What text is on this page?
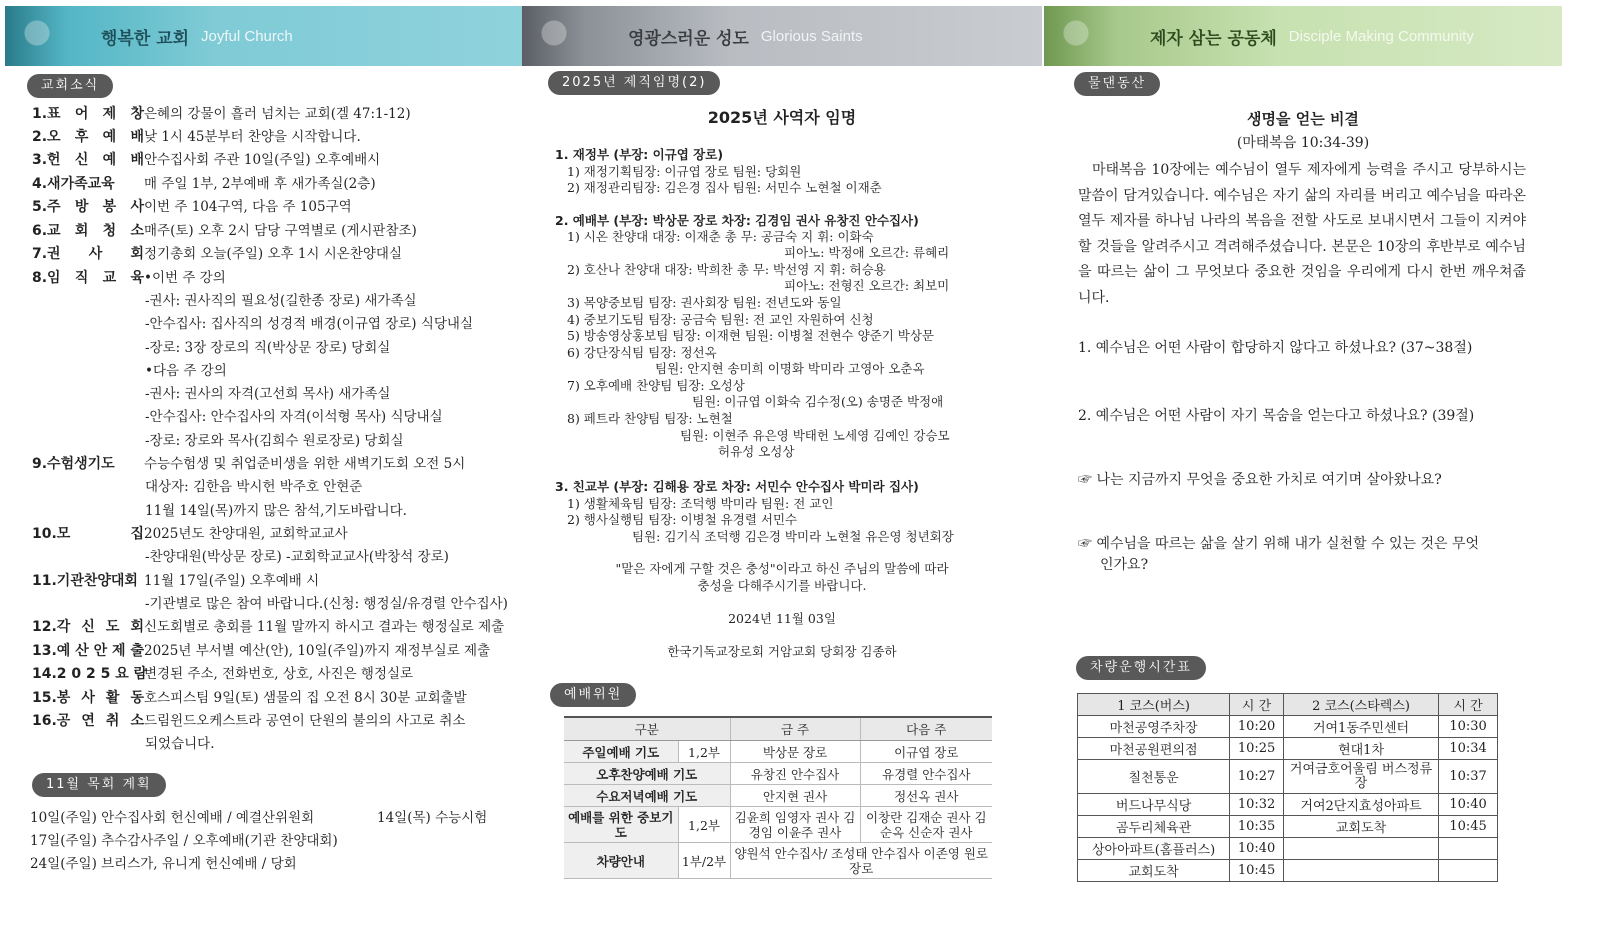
행복한 교회 Joyful Church
교회소식
1.표 어 제 창은혜의 강물이 흘러 넘치는 교회(겔 47:1-12)
2.오 후 예 배낮 1시 45분부터 찬양을 시작합니다.
3.헌 신 예 배안수집사회 주관 10일(주일) 오후예배시
4.새가족교육 매 주일 1부, 2부예배 후 새가족실(2층)
5.주 방 봉 사이번 주 104구역, 다음 주 105구역
6.교 회 청 소매주(토) 오후 2시 담당 구역별로 (게시판참조)
7.권 사 회정기총회 오늘(주일) 오후 1시 시온찬양대실
8.임 직 교 육•이번 주 강의
-권사: 권사직의 필요성(길한종 장로) 새가족실
-안수집사: 집사직의 성경적 배경(이규엽 장로) 식당내실
-장로: 3장 장로의 직(박상문 장로) 당회실
•다음 주 강의
-권사: 권사의 자격(고선희 목사) 새가족실
-안수집사: 안수집사의 자격(이석형 목사) 식당내실
-장로: 장로와 목사(김희수 원로장로) 당회실
9.수험생기도 수능수험생 및 취업준비생을 위한 새벽기도회 오전 5시
대상자: 김한음 박시헌 박주호 안현준
11월 14일(목)까지 많은 참석,기도바랍니다.
10.모 집2025년도 찬양대원, 교회학교교사
-찬양대원(박상문 장로) -교회학교교사(박창석 장로)
11.기관찬양대회 11월 17일(주일) 오후예배 시
-기관별로 많은 참여 바랍니다.(신청: 행정실/유경렬 안수집사)
12.각 신 도 회신도회별로 총회를 11월 말까지 하시고 결과는 행정실로 제출
13.예 산 안 제 출2025년 부서별 예산(안), 10일(주일)까지 재정부실로 제출
14.2 0 2 5 요 람변경된 주소, 전화번호, 상호, 사진은 행정실로
15.봉 사 활 동호스피스팀 9일(토) 샘물의 집 오전 8시 30분 교회출발
16.공 연 취 소드림윈드오케스트라 공연이 단원의 불의의 사고로 취소
되었습니다.
11월 목회 계획
10일(주일) 안수집사회 헌신예배 / 예결산위원회	14일(목) 수능시험
17일(주일) 추수감사주일 / 오후예배(기관 찬양대회)
24일(주일) 브리스가, 유니게 헌신예배 / 당회
영광스러운 성도 Glorious Saints
2025년 제직임명(2)
2025년 사역자 임명
1. 재정부 (부장: 이규엽 장로)
1) 재정기획팀장: 이규엽 장로 팀원: 당회원
2) 재정관리팀장: 김은경 집사 팀원: 서민수 노현철 이재춘
2. 예배부 (부장: 박상문 장로 차장: 김경임 권사 유창진 안수집사)
1) 시온 찬양대 대장: 이재춘 총 무: 공금숙 지 휘: 이화숙
피아노: 박정애 오르간: 류혜리
2) 호산나 찬양대 대장: 박희찬 총 무: 박선영 지 휘: 허승용
피아노: 전형진 오르간: 최보미
3) 목양중보팀 팀장: 권사회장 팀원: 전년도와 동일
4) 중보기도팀 팀장: 공금숙 팀원: 전 교인 자원하여 신청
5) 방송영상홍보팀 팀장: 이재현 팀원: 이병철 전현수 양준기 박상문
6) 강단장식팀 팀장: 정선옥
팀원: 안지현 송미희 이명화 박미라 고영아 오춘옥
7) 오후예배 찬양팀 팀장: 오성상
팀원: 이규엽 이화숙 김수정(오) 송명준 박정애
8) 페트라 찬양팀 팀장: 노현철
팀원: 이현주 유은영 박태헌 노세영 김예인 강승모
허유성 오성상
3. 친교부 (부장: 김해용 장로 차장: 서민수 안수집사 박미라 집사)
1) 생활체육팀 팀장: 조덕행 박미라 팀원: 전 교인
2) 행사실행팀 팀장: 이병철 유경렬 서민수
팀원: 김기식 조덕행 김은경 박미라 노현철 유은영 청년회장
"맡은 자에게 구할 것은 충성"이라고 하신 주님의 말씀에 따라
충성을 다해주시기를 바랍니다.
2024년 11월 03일
한국기독교장로회 거암교회 당회장 김종하
예배위원
구분		금 주	다음 주
주일예배 기도	1,2부	박상문 장로	이규엽 장로
오후찬양예배 기도		유창진 안수집사	유경렬 안수집사
수요저녁예배 기도		안지현 권사	정선옥 권사
예배를 위한 중보기도	1,2부	김윤희 임영자 권사 김경임 이윤주 권사	이창란 김재순 권사 김순옥 신순자 권사
차량안내	1부/2부	양원석 안수집사/ 조성태 안수집사 이존영 원로장로	
제자 삼는 공동체 Disciple Making Community
물댄동산
생명을 얻는 비결
(마태복음 10:34-39)
마태복음 10장에는 예수님이 열두 제자에게 능력을 주시고 당부하시는 말씀이 담겨있습니다. 예수님은 자기 삶의 자리를 버리고 예수님을 따라온 열두 제자를 하나님 나라의 복음을 전할 사도로 보내시면서 그들이 지켜야 할 것들을 알려주시고 격려해주셨습니다. 본문은 10장의 후반부로 예수님을 따르는 삶이 그 무엇보다 중요한 것임을 우리에게 다시 한번 깨우쳐줍니다.
1. 예수님은 어떤 사람이 합당하지 않다고 하셨나요? (37~38절)
2. 예수님은 어떤 사람이 자기 목숨을 얻는다고 하셨나요? (39절)
☞ 나는 지금까지 무엇을 중요한 가치로 여기며 살아왔나요?
☞ 예수님을 따르는 삶을 살기 위해 내가 실천할 수 있는 것은 무엇
인가요?
차량운행시간표
1 코스(버스)	시 간	2 코스(스타렉스)	시 간
마천공영주차장	10:20	거여1동주민센터	10:30
마천공원편의점	10:25	현대1차	10:34
칠천통운	10:27	거여금호어울림 버스정류장	10:37
버드나무식당	10:32	거여2단지효성아파트	10:40
곰두리체육관	10:35	교회도착	10:45
상아아파트(홈플러스)	10:40		
교회도착	10:45		
